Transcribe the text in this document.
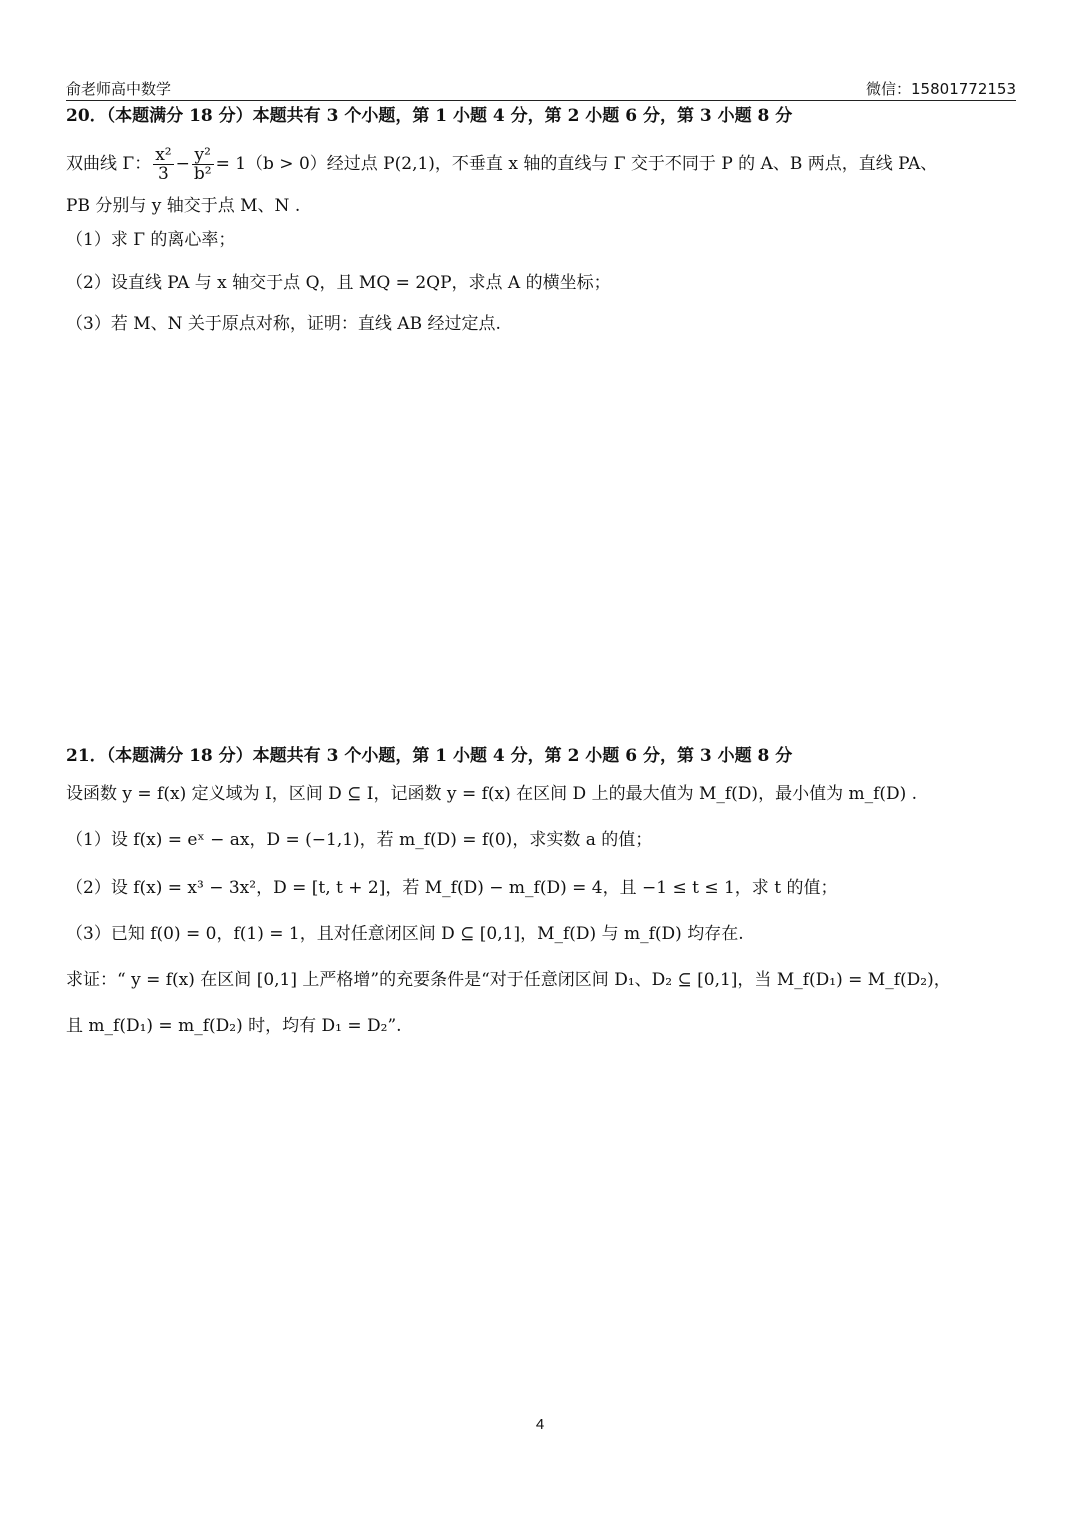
俞老师高中数学	微信：15801772153
20．（本题满分 18 分）本题共有 3 个小题，第 1 小题 4 分，第 2 小题 6 分，第 3 小题 8 分
双曲线 Γ： $\frac{\text{x²}}{3} - \frac{\text{y²}}{\text{b²}} = 1(b > 0)$经过点 P(2,1)，不垂直 x 轴的直线与 Γ 交于不同于 P 的 A、B 两点，直线 PA、
PB 分别与 y 轴交于点 M、N .
（1）求 Γ 的离心率；
（2）设直线 PA 与 x 轴交于点 Q，且 MQ = 2QP，求点 A 的横坐标；
（3）若 M、N 关于原点对称，证明：直线 AB 经过定点.
21．（本题满分 18 分）本题共有 3 个小题，第 1 小题 4 分，第 2 小题 6 分，第 3 小题 8 分
设函数 y = f(x) 定义域为 I，区间 D ⊆ I，记函数 y = f(x) 在区间 D 上的最大值为 M_f(D)，最小值为 m_f(D) .
（1）设 f(x) = eˣ − ax，D = (−1,1)，若 m_f(D) = f(0)，求实数 a 的值；
（2）设 f(x) = x³ − 3x²，D = [t, t + 2]，若 M_f(D) − m_f(D) = 4，且 −1 ≤ t ≤ 1，求 t 的值；
（3）已知 f(0) = 0，f(1) = 1，且对任意闭区间 D ⊆ [0,1]，M_f(D) 与 m_f(D) 均存在.
求证：“ y = f(x) 在区间 [0,1] 上严格增”的充要条件是“对于任意闭区间 D₁、D₂ ⊆ [0,1]，当 M_f(D₁) = M_f(D₂)，
且 m_f(D₁) = m_f(D₂) 时，均有 D₁ = D₂”.
4
